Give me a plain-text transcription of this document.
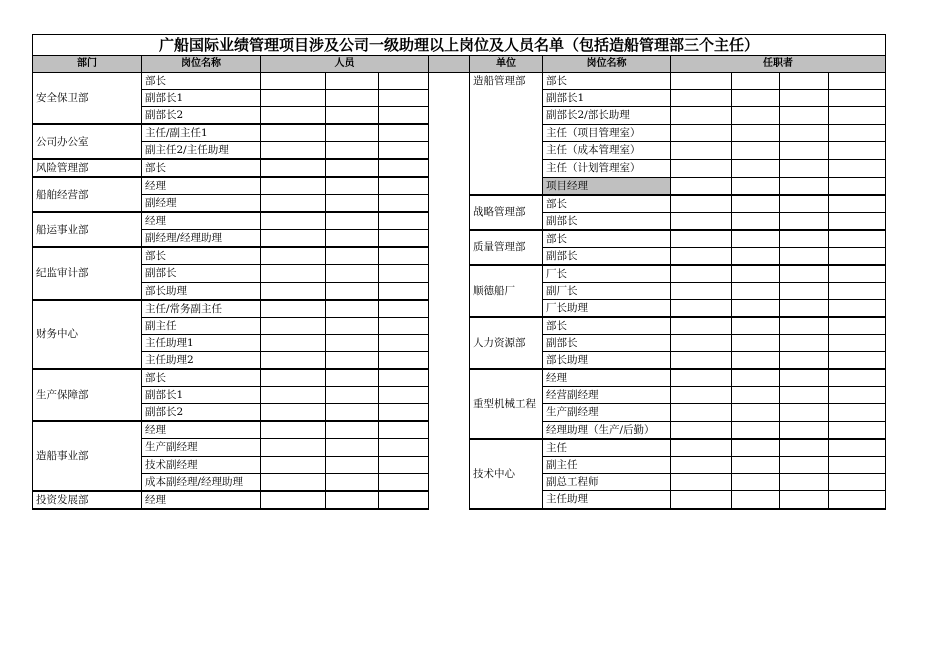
广船国际业绩管理项目涉及公司一级助理以上岗位及人员名单（包括造船管理部三个主任）											
部门	岗位名称	人员				单位	岗位名称	任职者			
安全保卫部	部长					造船管理部	部长				
	副部长1						副部长1				
	副部长2						副部长2/部长助理				
公司办公室	主任/副主任1						主任（项目管理室）				
	副主任2/主任助理						主任（成本管理室）				
风险管理部	部长						主任（计划管理室）				
船舶经营部	经理						项目经理				
	副经理					战略管理部	部长				
船运事业部	经理						副部长				
	副经理/经理助理					质量管理部	部长				
纪监审计部	部长						副部长				
	副部长					顺德船厂	厂长				
	部长助理						副厂长				
财务中心	主任/常务副主任						厂长助理				
	副主任					人力资源部	部长				
	主任助理1						副部长				
	主任助理2						部长助理				
生产保障部	部长					重型机械工程	经理				
	副部长1						经营副经理				
	副部长2						生产副经理				
造船事业部	经理						经理助理（生产/后勤）				
	生产副经理					技术中心	主任				
	技术副经理						副主任				
	成本副经理/经理助理						副总工程师				
投资发展部	经理						主任助理				
